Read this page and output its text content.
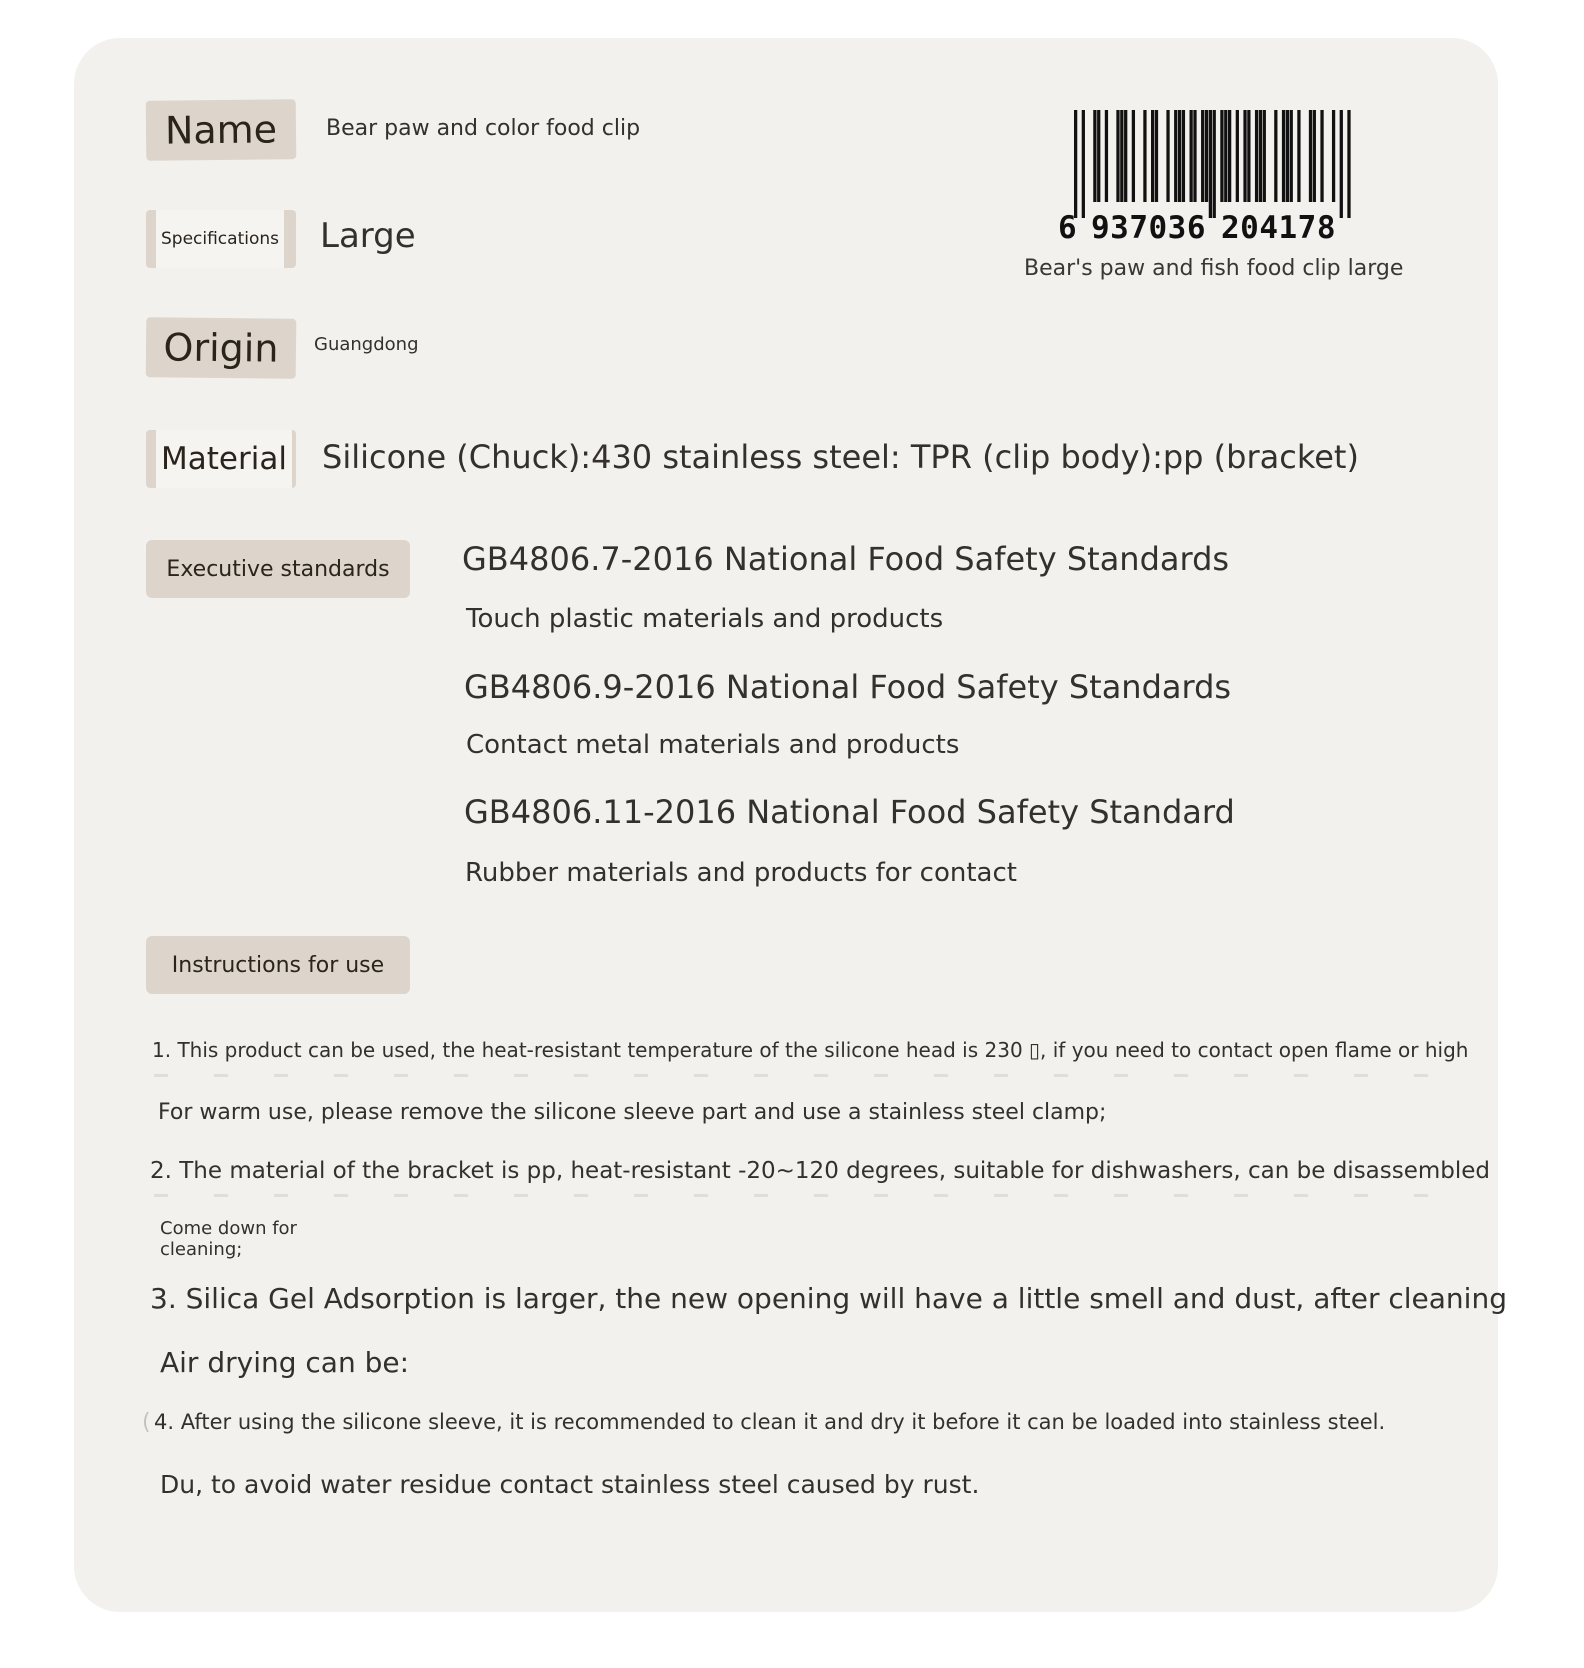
Name	Bear paw and color food clip
Specifications	Large
Origin	Guangdong
Material Silicone (Chuck):430 stainless steel: TPR (clip body):pp (bracket)
6 937036 204178
Bear's paw and fish food clip large
Executive standards	GB4806.7-2016 National Food Safety Standards
Touch plastic materials and products
GB4806.9-2016 National Food Safety Standards
Contact metal materials and products
GB4806.11-2016 National Food Safety Standard
Rubber materials and products for contact
Instructions for use
1. This product can be used, the heat-resistant temperature of the silicone head is 230 ▯, if you need to contact open flame or high
For warm use, please remove the silicone sleeve part and use a stainless steel clamp;
2. The material of the bracket is pp, heat-resistant -20~120 degrees, suitable for dishwashers, can be disassembled
Come down for cleaning;
3. Silica Gel Adsorption is larger, the new opening will have a little smell and dust, after cleaning
Air drying can be:
( 4. After using the silicone sleeve, it is recommended to clean it and dry it before it can be loaded into stainless steel.
Du, to avoid water residue contact stainless steel caused by rust.
